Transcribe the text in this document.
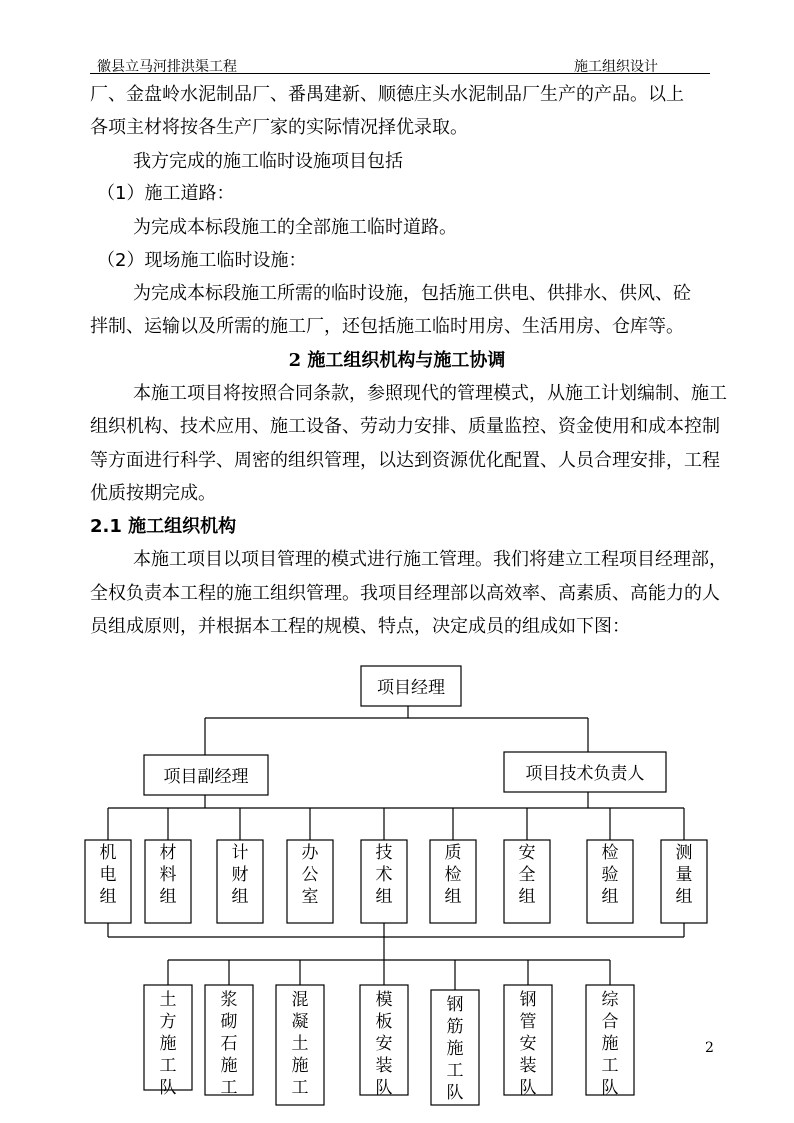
徽县立马河排洪渠工程	施工组织设计
厂、金盘岭水泥制品厂、番禺建新、顺德庄头水泥制品厂生产的产品。以上
各项主材将按各生产厂家的实际情况择优录取。
我方完成的施工临时设施项目包括
（1）施工道路：
为完成本标段施工的全部施工临时道路。
（2）现场施工临时设施：
为完成本标段施工所需的临时设施，包括施工供电、供排水、供风、砼
拌制、运输以及所需的施工厂，还包括施工临时用房、生活用房、仓库等。
2 施工组织机构与施工协调
本施工项目将按照合同条款，参照现代的管理模式，从施工计划编制、施工
组织机构、技术应用、施工设备、劳动力安排、质量监控、资金使用和成本控制
等方面进行科学、周密的组织管理，以达到资源优化配置、人员合理安排，工程
优质按期完成。
2.1 施工组织机构
本施工项目以项目管理的模式进行施工管理。我们将建立工程项目经理部，
全权负责本工程的施工组织管理。我项目经理部以高效率、高素质、高能力的人
员组成原则，并根据本工程的规模、特点，决定成员的组成如下图：
项目经理
项目副经理	项目技术负责人
机电组
材料组
计财组
办公室
技术组
质检组
安全组
检验组
测量组
土方施工队
浆砌石施工
混凝土施工
模板安装队
钢筋施工队
钢管安装队
综合施工队
2
